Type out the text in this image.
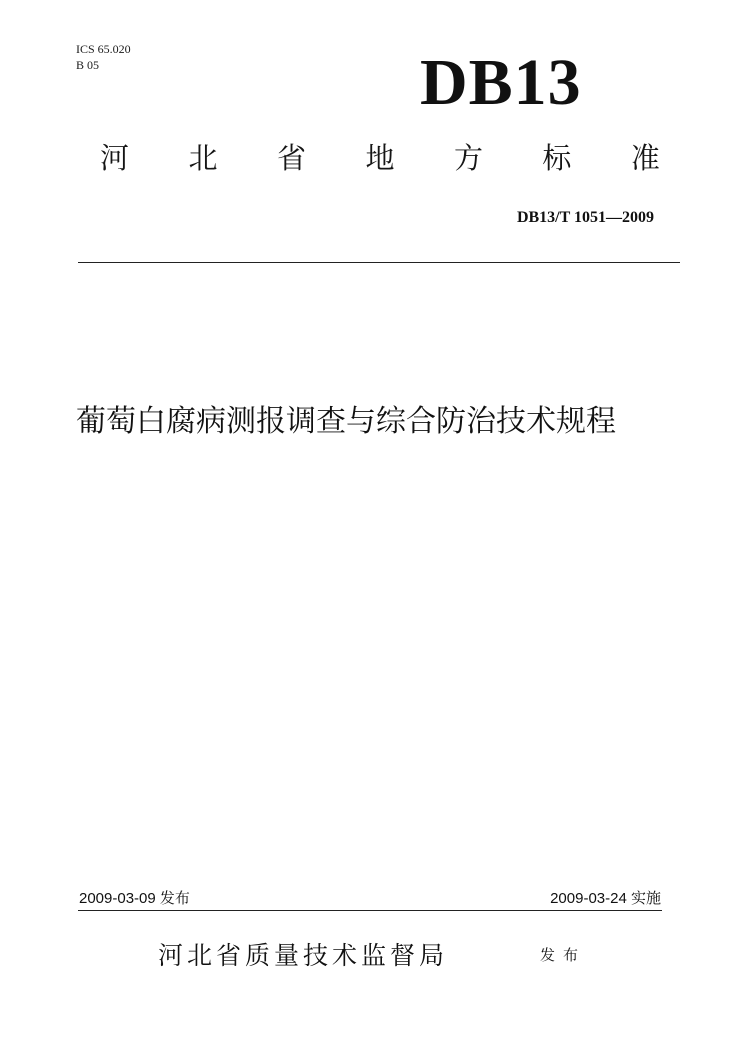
ICS 65.020
B 05	DB13
河 北 省 地 方 标 准
DB13/T 1051—2009
葡萄白腐病测报调查与综合防治技术规程
2009-03-09 发布	2009-03-24 实施
河北省质量技术监督局	发布
